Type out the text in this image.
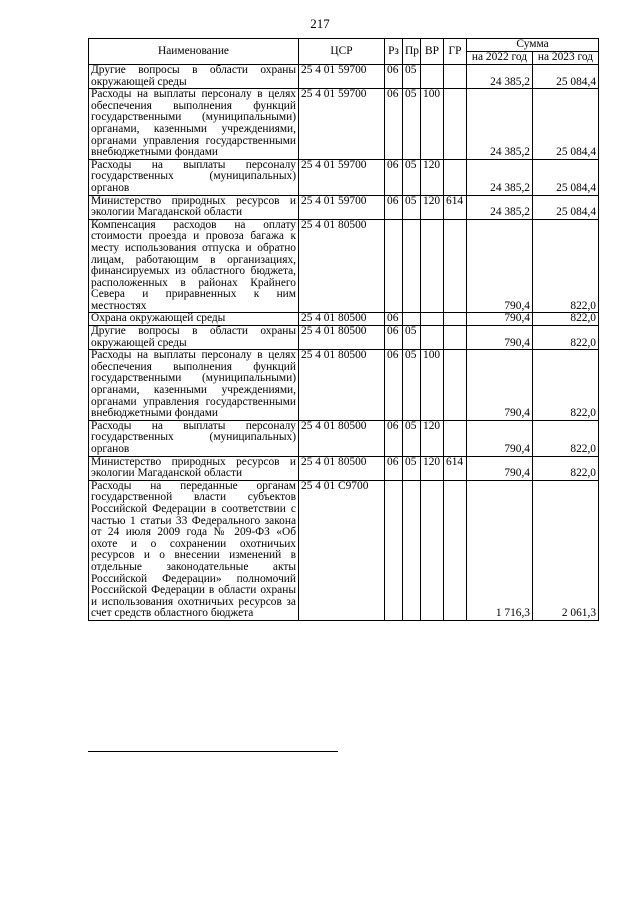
217
Наименование	ЦСР	Рз	Пр	ВР	ГР	Сумма	
						на 2022 год	на 2023 год
Другие вопросы в области охраны окружающей среды	25 4 01 59700	06	05			24 385,2	25 084,4
Расходы на выплаты персоналу в целях обеспечения выполнения функций государственными (муниципальными) органами, казенными учреждениями, органами управления государственными внебюджетными фондами	25 4 01 59700	06	05	100		24 385,2	25 084,4
Расходы на выплаты персоналу государственных (муниципальных) органов	25 4 01 59700	06	05	120		24 385,2	25 084,4
Министерство природных ресурсов и экологии Магаданской области	25 4 01 59700	06	05	120	614	24 385,2	25 084,4
Компенсация расходов на оплату стоимости проезда и провоза багажа к месту использования отпуска и обратно лицам, работающим в организациях, финансируемых из областного бюджета, расположенных в районах Крайнего Севера и приравненных к ним местностях	25 4 01 80500					790,4	822,0
Охрана окружающей среды	25 4 01 80500	06				790,4	822,0
Другие вопросы в области охраны окружающей среды	25 4 01 80500	06	05			790,4	822,0
Расходы на выплаты персоналу в целях обеспечения выполнения функций государственными (муниципальными) органами, казенными учреждениями, органами управления государственными внебюджетными фондами	25 4 01 80500	06	05	100		790,4	822,0
Расходы на выплаты персоналу государственных (муниципальных) органов	25 4 01 80500	06	05	120		790,4	822,0
Министерство природных ресурсов и экологии Магаданской области	25 4 01 80500	06	05	120	614	790,4	822,0
Расходы на переданные органам государственной власти субъектов Российской Федерации в соответствии с частью 1 статьи 33 Федерального закона от 24 июля 2009 года № 209-ФЗ «Об охоте и о сохранении охотничьих ресурсов и о внесении изменений в отдельные законодательные акты Российской Федерации» полномочий Российской Федерации в области охраны и использования охотничьих ресурсов за счет средств областного бюджета	25 4 01 С9700					1 716,3	2 061,3
